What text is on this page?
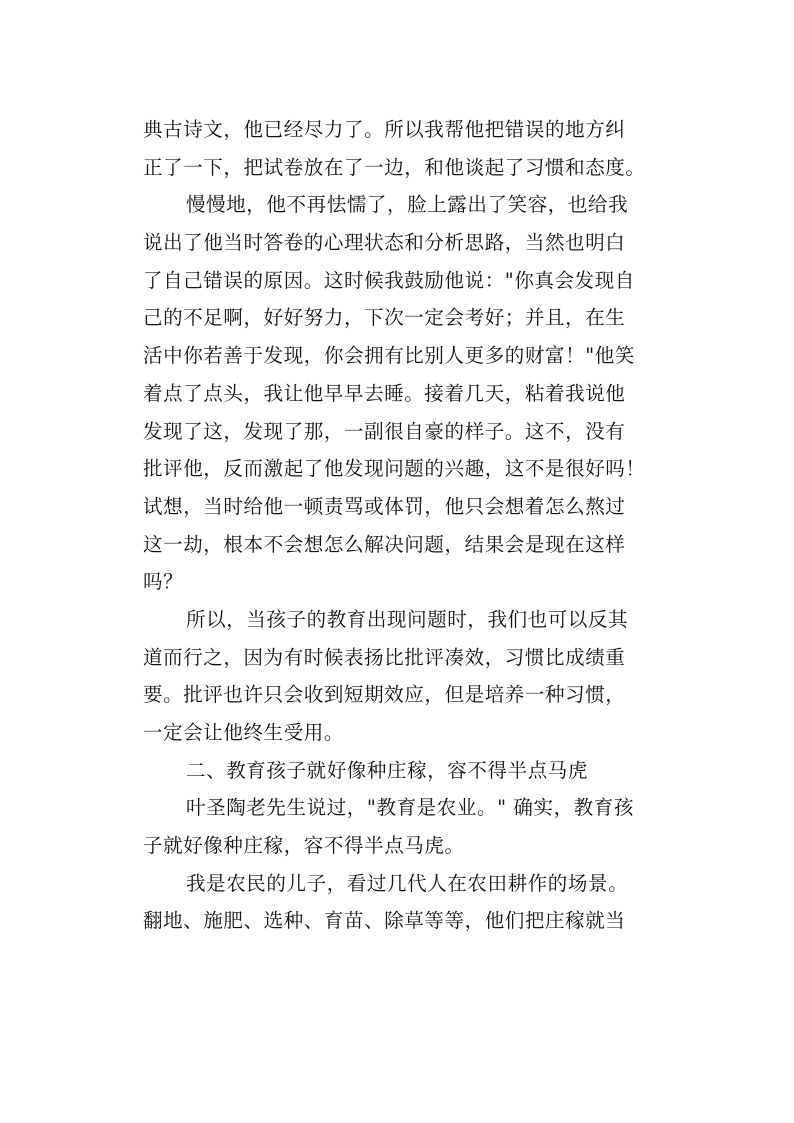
典古诗文，他已经尽力了。所以我帮他把错误的地方纠
正了一下，把试卷放在了一边，和他谈起了习惯和态度。
慢慢地，他不再怯懦了，脸上露出了笑容，也给我
说出了他当时答卷的心理状态和分析思路，当然也明白
了自己错误的原因。这时候我鼓励他说："你真会发现自
己的不足啊，好好努力，下次一定会考好；并且，在生
活中你若善于发现，你会拥有比别人更多的财富！"他笑
着点了点头，我让他早早去睡。接着几天，粘着我说他
发现了这，发现了那，一副很自豪的样子。这不，没有
批评他，反而激起了他发现问题的兴趣，这不是很好吗！
试想，当时给他一顿责骂或体罚，他只会想着怎么熬过
这一劫，根本不会想怎么解决问题，结果会是现在这样
吗？
所以，当孩子的教育出现问题时，我们也可以反其
道而行之，因为有时候表扬比批评凑效，习惯比成绩重
要。批评也许只会收到短期效应，但是培养一种习惯，
一定会让他终生受用。
二、教育孩子就好像种庄稼，容不得半点马虎
叶圣陶老先生说过，"教育是农业。" 确实，教育孩
子就好像种庄稼，容不得半点马虎。
我是农民的儿子，看过几代人在农田耕作的场景。
翻地、施肥、选种、育苗、除草等等，他们把庄稼就当
